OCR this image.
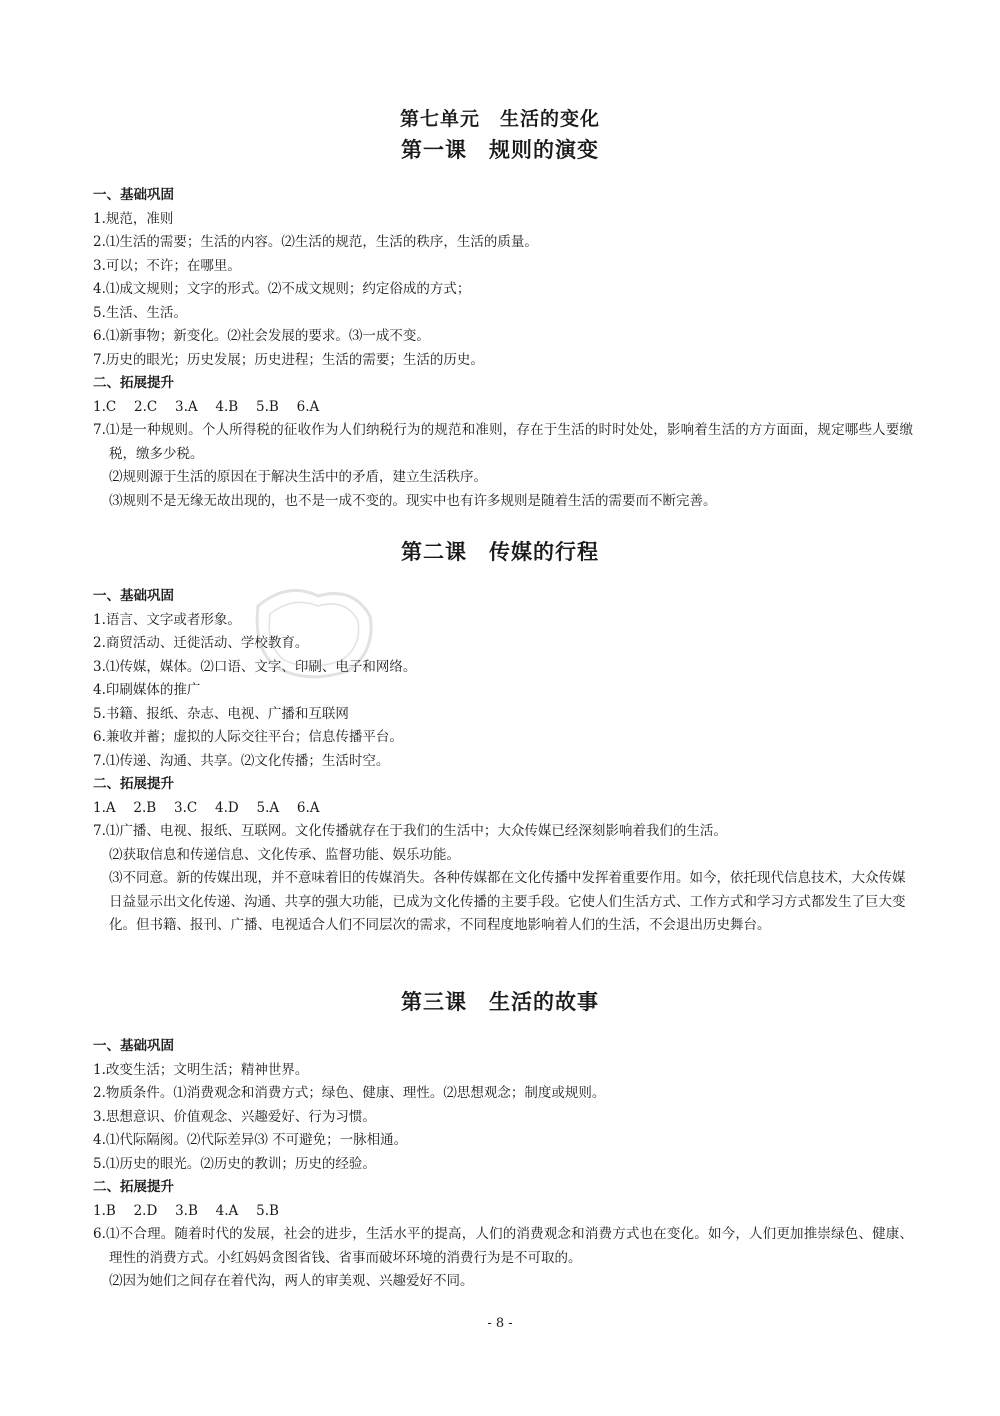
第七单元　生活的变化
第一课　规则的演变
一、基础巩固
1.规范，准则
2.⑴生活的需要；生活的内容。⑵生活的规范，生活的秩序，生活的质量。
3.可以；不许；在哪里。
4.⑴成文规则；文字的形式。⑵不成文规则；约定俗成的方式；
5.生活、生活。
6.⑴新事物；新变化。⑵社会发展的要求。⑶一成不变。
7.历史的眼光；历史发展；历史进程；生活的需要；生活的历史。
二、拓展提升
1.C　 2.C　 3.A　 4.B　 5.B　 6.A
7.⑴是一种规则。个人所得税的征收作为人们纳税行为的规范和准则，存在于生活的时时处处，影响着生活的方方面面，规定哪些人要缴税，缴多少税。
⑵规则源于生活的原因在于解决生活中的矛盾，建立生活秩序。
⑶规则不是无缘无故出现的，也不是一成不变的。现实中也有许多规则是随着生活的需要而不断完善。
第二课　传媒的行程
一、基础巩固
1.语言、文字或者形象。
2.商贸活动、迁徙活动、学校教育。
3.⑴传媒，媒体。⑵口语、文字、印刷、电子和网络。
4.印刷媒体的推广
5.书籍、报纸、杂志、电视、广播和互联网
6.兼收并蓄；虚拟的人际交往平台；信息传播平台。
7.⑴传递、沟通、共享。⑵文化传播；生活时空。
二、拓展提升
1.A　 2.B　 3.C　 4.D　 5.A　 6.A
7.⑴广播、电视、报纸、互联网。文化传播就存在于我们的生活中；大众传媒已经深刻影响着我们的生活。
⑵获取信息和传递信息、文化传承、监督功能、娱乐功能。
⑶不同意。新的传媒出现，并不意味着旧的传媒消失。各种传媒都在文化传播中发挥着重要作用。如今，依托现代信息技术，大众传媒日益显示出文化传递、沟通、共享的强大功能，已成为文化传播的主要手段。它使人们生活方式、工作方式和学习方式都发生了巨大变化。但书籍、报刊、广播、电视适合人们不同层次的需求，不同程度地影响着人们的生活，不会退出历史舞台。
第三课　生活的故事
一、基础巩固
1.改变生活；文明生活；精神世界。
2.物质条件。⑴消费观念和消费方式；绿色、健康、理性。⑵思想观念；制度或规则。
3.思想意识、价值观念、兴趣爱好、行为习惯。
4.⑴代际隔阂。⑵代际差异⑶ 不可避免；一脉相通。
5.⑴历史的眼光。⑵历史的教训；历史的经验。
二、拓展提升
1.B　 2.D　 3.B　 4.A　 5.B
6.⑴不合理。随着时代的发展，社会的进步，生活水平的提高，人们的消费观念和消费方式也在变化。如今，人们更加推崇绿色、健康、理性的消费方式。小红妈妈贪图省钱、省事而破坏环境的消费行为是不可取的。
⑵因为她们之间存在着代沟，两人的审美观、兴趣爱好不同。
- 8 -
